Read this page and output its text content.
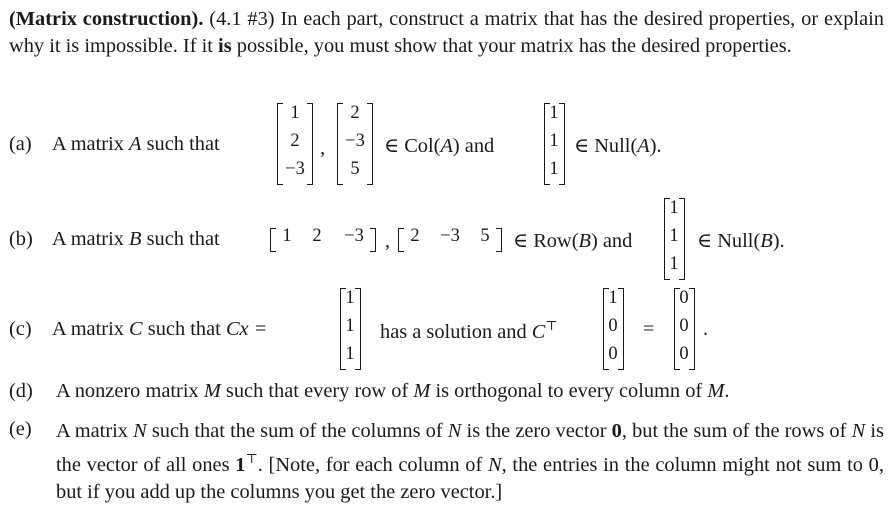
(Matrix construction). (4.1 #3) In each part, construct a matrix that has the desired properties, or explain why it is impossible. If it is possible, you must show that your matrix has the desired properties.
(a) A matrix A such that
1
2
−3
,
2
−3
5
∈ Col(A) and
1
1
1
∈ Null(A).
(b) A matrix B such that	1	2	−3	,	2	−3	5	∈ Row(B) and
1
1
1
∈ Null(B).
(c) A matrix C such that Cx =
1
1
1
has a solution and C⊤
1
0
0
=
0
0
0
.
(d) A nonzero matrix M such that every row of M is orthogonal to every column of M.
(e) A matrix N such that the sum of the columns of N is the zero vector 0, but the sum of the rows of N is the vector of all ones 1⊤. [Note, for each column of N, the entries in the column might not sum to 0, but if you add up the columns you get the zero vector.]
